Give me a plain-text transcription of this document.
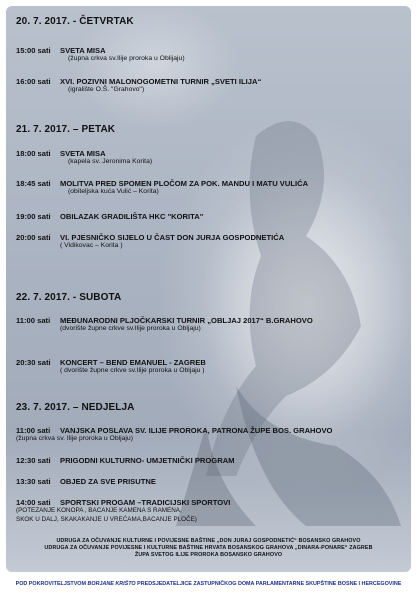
20. 7. 2017. - ČETVRTAK
15:00 sati SVETA MISA
(župna crkva sv.Ilije proroka u Oblijaju)
16:00 sati XVI. POZIVNI MALONOGOMETNI TURNIR „SVETI ILIJA“
(igralište O.Š. "Grahovo")
21. 7. 2017. – PETAK
18:00 sati SVETA MISA
(kapela sv. Jeronima Korita)
18:45 sati MOLITVA PRED SPOMEN PLOČOM ZA POK. MANDU I MATU VULIĆA
(obiteljska kuća Vulić – Korita)
19:00 sati OBILAZAK GRADILIŠTA HKC "KORITA"
20:00 sati VI. PJESNIČKO SIJELO U ČAST DON JURJA GOSPODNETIĆA
( Vidikovac – Korita )
22. 7. 2017. - SUBOTA
11:00 sati MEĐUNARODNI PLJOČKARSKI TURNIR „OBLJAJ 2017“ B.GRAHOVO
(dvorište župne crkve sv.Ilije proroka u Obljaju)
20:30 sati KONCERT – BEND EMANUEL - ZAGREB
( dvorište župne crkve sv.Ilije proroka u Obljaju )
23. 7. 2017. – NEDJELJA
11:00 sati VANJSKA POSLAVA SV. ILIJE PROROKA, PATRONA ŽUPE BOS. GRAHOVO
(župna crkva sv. Ilije proroka u Obljaju)
12:30 sati PRIGODNI KULTURNO- UMJETNIČKI PROGRAM
13:30 sati OBJED ZA SVE PRISUTNE
14:00 sati SPORTSKI PROGAM –TRADICIJSKI SPORTOVI
(POTEZANJE KONOPA , BACANJE KAMENA S RAMENA,
SKOK U DALJ, SKAKAKANJE U VREĆAMA,BACANJE PLOČE)
UDRUGA ZA OČUVANJE KULTURNE I POVIJESNE BAŠTINE „DON JURAJ GOSPODNETIĆ“ BOSANSKO GRAHOVO
UDRUGA ZA OČUVANJE POVIJESNE I KULTURNE BAŠTINE HRVATA BOSANSKOG GRAHOVA „DINARA-PONARE“ ZAGREB
ŽUPA SVETOG ILIJE PROROKA BOSANSKO GRAHOVO
POD POKROVITELJSTVOM BORJANE KRIŠTO PREDSJEDATELJICE ZASTUPNIČKOG DOMA PARLAMENTARNE SKUPŠTINE BOSNE I HERCEGOVINE
